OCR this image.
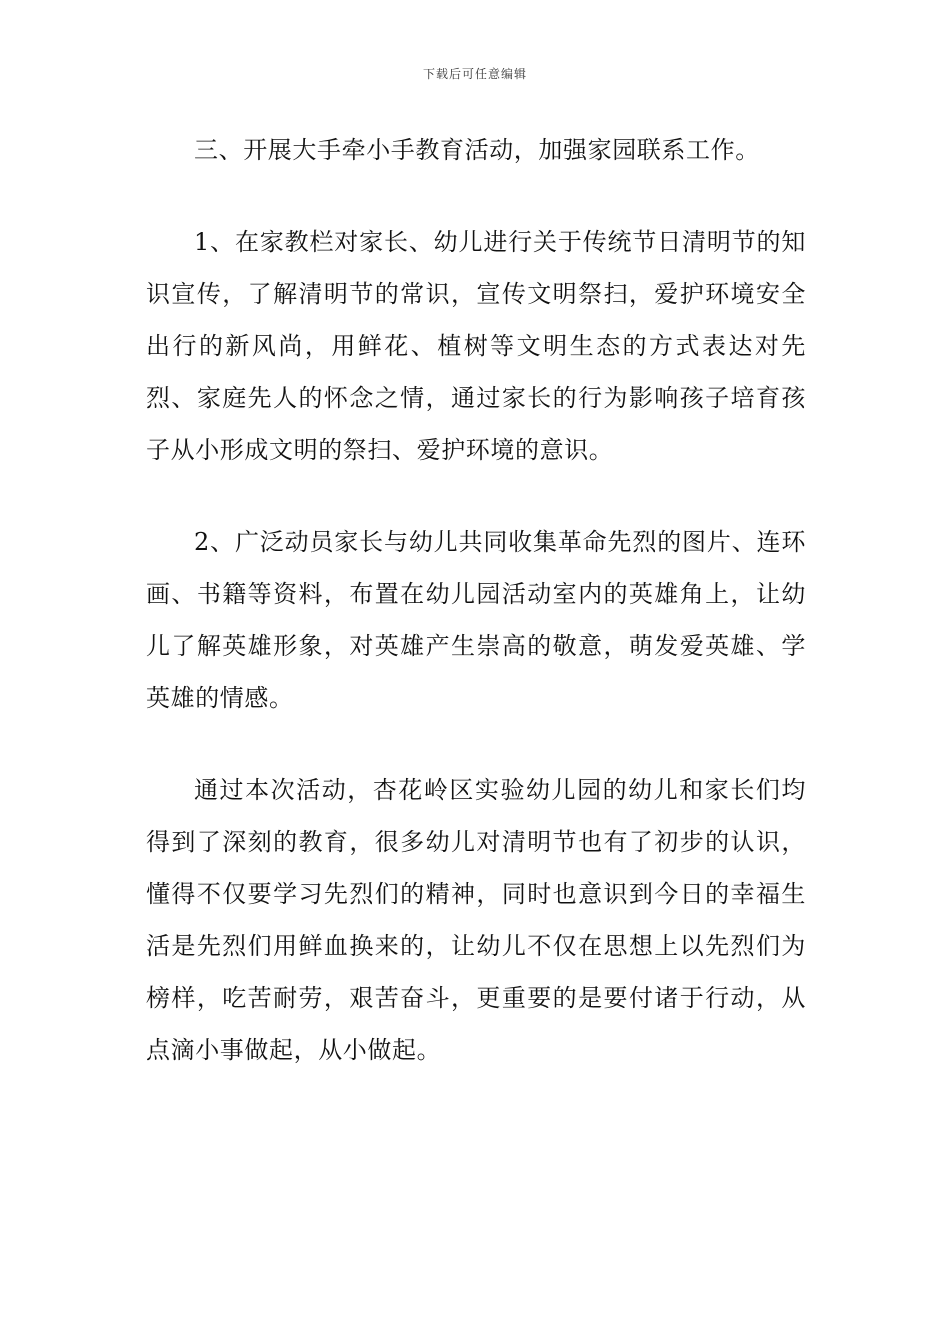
下载后可任意编辑

三、开展大手牵小手教育活动，加强家园联系工作。

1、在家教栏对家长、幼儿进行关于传统节日清明节的知识宣传，了解清明节的常识，宣传文明祭扫，爱护环境安全出行的新风尚，用鲜花、植树等文明生态的方式表达对先烈、家庭先人的怀念之情，通过家长的行为影响孩子培育孩子从小形成文明的祭扫、爱护环境的意识。

2、广泛动员家长与幼儿共同收集革命先烈的图片、连环画、书籍等资料，布置在幼儿园活动室内的英雄角上，让幼儿了解英雄形象，对英雄产生崇高的敬意，萌发爱英雄、学英雄的情感。

通过本次活动，杏花岭区实验幼儿园的幼儿和家长们均得到了深刻的教育，很多幼儿对清明节也有了初步的认识，懂得不仅要学习先烈们的精神，同时也意识到今日的幸福生活是先烈们用鲜血换来的，让幼儿不仅在思想上以先烈们为榜样，吃苦耐劳，艰苦奋斗，更重要的是要付诸于行动，从点滴小事做起，从小做起。
